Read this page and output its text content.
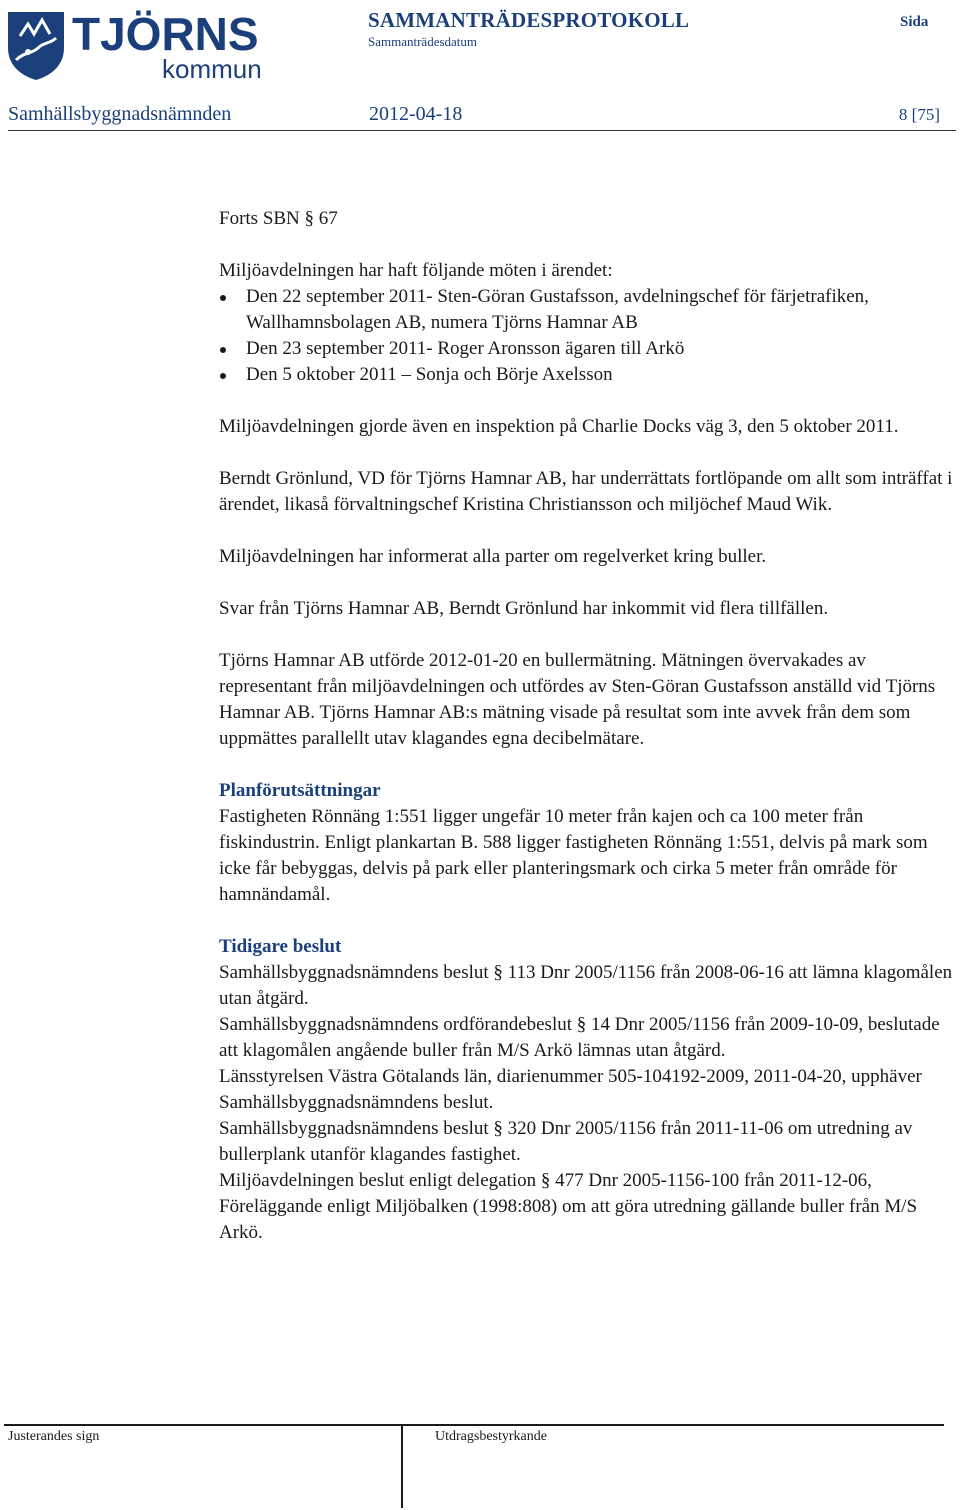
TJÖRNS
kommun
SAMMANTRÄDESPROTOKOLL
Sammanträdesdatum
Sida
Samhällsbyggnadsnämnden	2012-04-18	8 [75]

Forts SBN § 67

Miljöavdelningen har haft följande möten i ärendet:

Den 22 september 2011- Sten-Göran Gustafsson, avdelningschef för färjetrafiken, Wallhamnsbolagen AB, numera Tjörns Hamnar AB
Den 23 september 2011- Roger Aronsson ägaren till Arkö
Den 5 oktober 2011 – Sonja och Börje Axelsson

Miljöavdelningen gjorde även en inspektion på Charlie Docks väg 3, den 5 oktober 2011.

Berndt Grönlund, VD för Tjörns Hamnar AB, har underrättats fortlöpande om allt som inträffat i ärendet, likaså förvaltningschef Kristina Christiansson och miljöchef Maud Wik.

Miljöavdelningen har informerat alla parter om regelverket kring buller.

Svar från Tjörns Hamnar AB, Berndt Grönlund har inkommit vid flera tillfällen.

Tjörns Hamnar AB utförde 2012-01-20 en bullermätning. Mätningen övervakades av representant från miljöavdelningen och utfördes av Sten-Göran Gustafsson anställd vid Tjörns Hamnar AB. Tjörns Hamnar AB:s mätning visade på resultat som inte avvek från dem som uppmättes parallellt utav klagandes egna decibelmätare.

Planförutsättningar

Fastigheten Rönnäng 1:551 ligger ungefär 10 meter från kajen och ca 100 meter från fiskindustrin. Enligt plankartan B. 588 ligger fastigheten Rönnäng 1:551, delvis på mark som icke får bebyggas, delvis på park eller planteringsmark och cirka 5 meter från område för hamnändamål.

Tidigare beslut

Samhällsbyggnadsnämndens beslut § 113 Dnr 2005/1156 från 2008-06-16 att lämna klagomålen utan åtgärd.

Samhällsbyggnadsnämndens ordförandebeslut § 14 Dnr 2005/1156 från 2009-10-09, beslutade att klagomålen angående buller från M/S Arkö lämnas utan åtgärd.

Länsstyrelsen Västra Götalands län, diarienummer 505-104192-2009, 2011-04-20, upphäver Samhällsbyggnadsnämndens beslut.

Samhällsbyggnadsnämndens beslut § 320 Dnr 2005/1156 från 2011-11-06 om utredning av bullerplank utanför klagandes fastighet.

Miljöavdelningen beslut enligt delegation § 477 Dnr 2005-1156-100 från 2011-12-06, Föreläggande enligt Miljöbalken (1998:808) om att göra utredning gällande buller från M/S Arkö.

Justerandes sign	Utdragsbestyrkande
